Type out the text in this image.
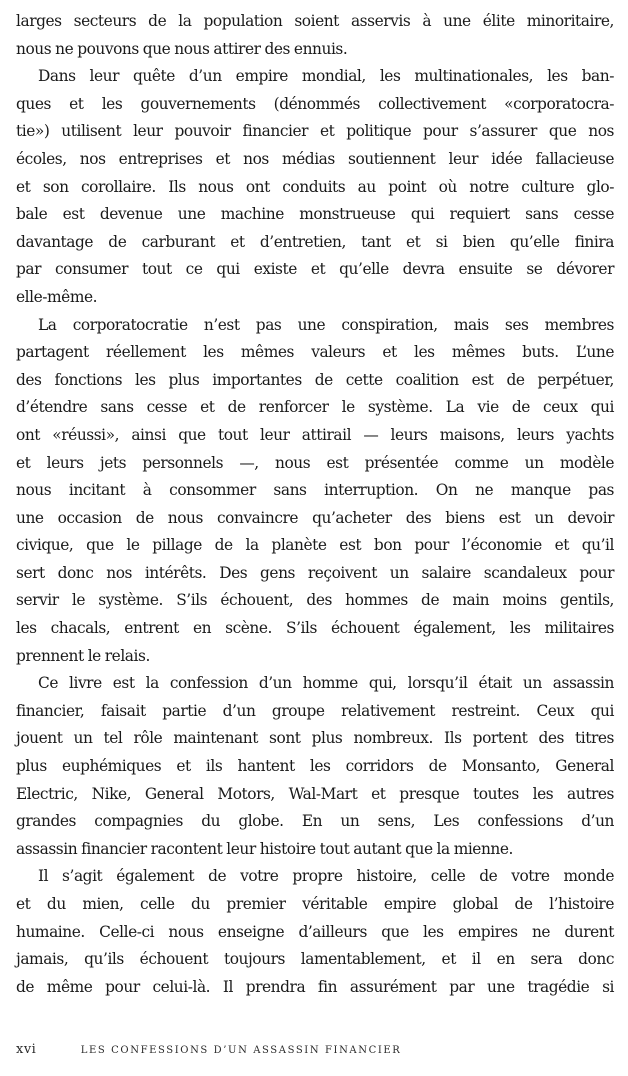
larges secteurs de la population soient asservis à une élite minoritaire,
nous ne pouvons que nous attirer des ennuis.
Dans leur quête d’un empire mondial, les multinationales, les ban-
ques et les gouvernements (dénommés collectivement «corporatocra-
tie») utilisent leur pouvoir financier et politique pour s’assurer que nos
écoles, nos entreprises et nos médias soutiennent leur idée fallacieuse
et son corollaire. Ils nous ont conduits au point où notre culture glo-
bale est devenue une machine monstrueuse qui requiert sans cesse
davantage de carburant et d’entretien, tant et si bien qu’elle finira
par consumer tout ce qui existe et qu’elle devra ensuite se dévorer
elle-même.
La corporatocratie n’est pas une conspiration, mais ses membres
partagent réellement les mêmes valeurs et les mêmes buts. L’une
des fonctions les plus importantes de cette coalition est de perpétuer,
d’étendre sans cesse et de renforcer le système. La vie de ceux qui
ont «réussi», ainsi que tout leur attirail — leurs maisons, leurs yachts
et leurs jets personnels —, nous est présentée comme un modèle
nous incitant à consommer sans interruption. On ne manque pas
une occasion de nous convaincre qu’acheter des biens est un devoir
civique, que le pillage de la planète est bon pour l’économie et qu’il
sert donc nos intérêts. Des gens reçoivent un salaire scandaleux pour
servir le système. S’ils échouent, des hommes de main moins gentils,
les chacals, entrent en scène. S’ils échouent également, les militaires
prennent le relais.
Ce livre est la confession d’un homme qui, lorsqu’il était un assassin
financier, faisait partie d’un groupe relativement restreint. Ceux qui
jouent un tel rôle maintenant sont plus nombreux. Ils portent des titres
plus euphémiques et ils hantent les corridors de Monsanto, General
Electric, Nike, General Motors, Wal-Mart et presque toutes les autres
grandes compagnies du globe. En un sens, Les confessions d’un
assassin financier racontent leur histoire tout autant que la mienne.
Il s’agit également de votre propre histoire, celle de votre monde
et du mien, celle du premier véritable empire global de l’histoire
humaine. Celle-ci nous enseigne d’ailleurs que les empires ne durent
jamais, qu’ils échouent toujours lamentablement, et il en sera donc
de même pour celui-là. Il prendra fin assurément par une tragédie si
xvi	LES CONFESSIONS D’UN ASSASSIN FINANCIER
